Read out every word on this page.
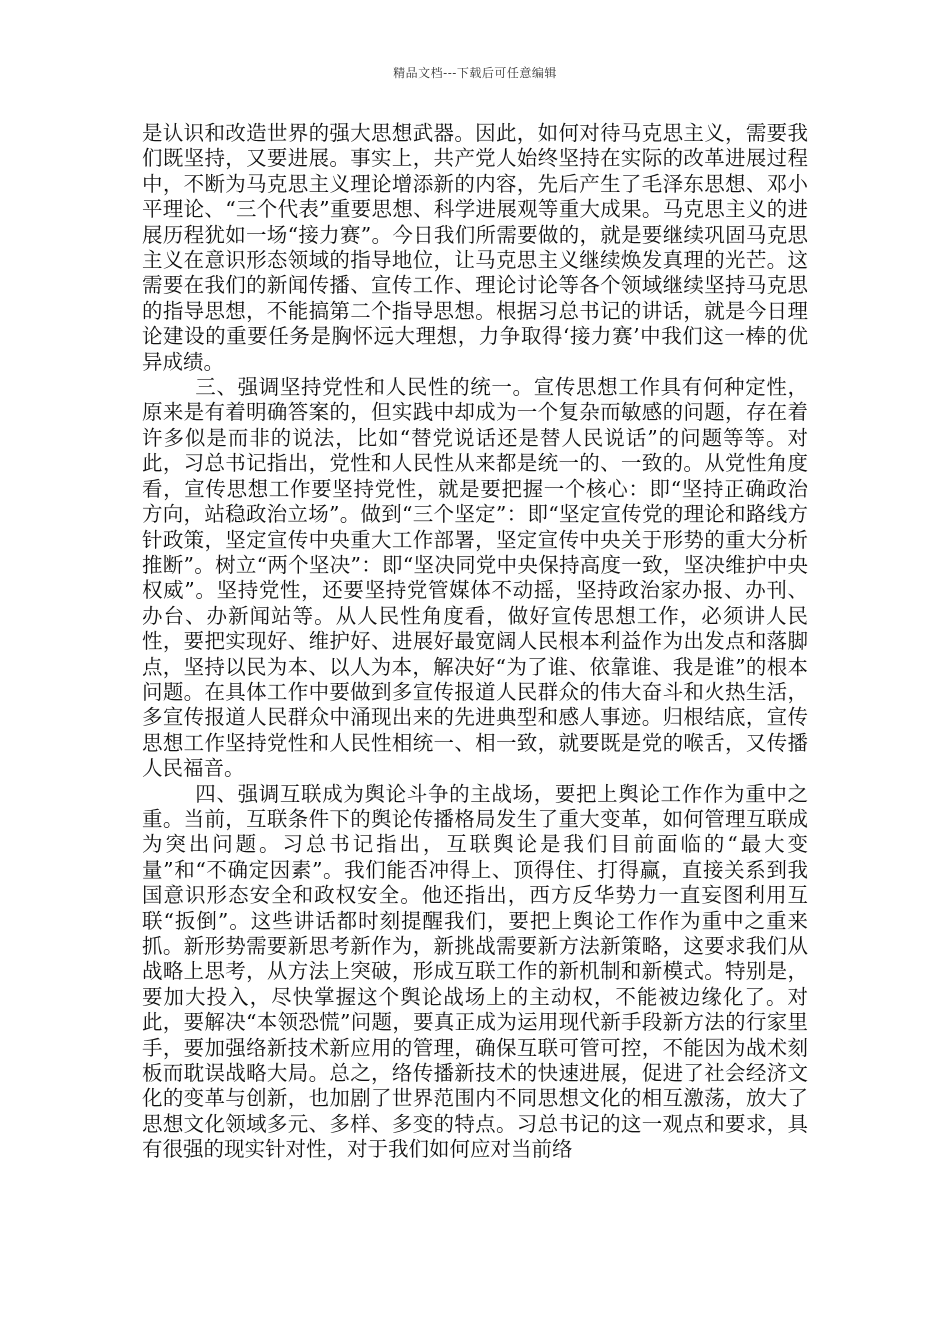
精品文档---下载后可任意编辑

是认识和改造世界的强大思想武器。因此，如何对待马克思主义，需要我们既坚持，又要进展。事实上，共产党人始终坚持在实际的改革进展过程中，不断为马克思主义理论增添新的内容，先后产生了毛泽东思想、邓小平理论、“三个代表”重要思想、科学进展观等重大成果。马克思主义的进展历程犹如一场“接力赛”。今日我们所需要做的，就是要继续巩固马克思主义在意识形态领域的指导地位，让马克思主义继续焕发真理的光芒。这需要在我们的新闻传播、宣传工作、理论讨论等各个领域继续坚持马克思的指导思想，不能搞第二个指导思想。根据习总书记的讲话，就是今日理论建设的重要任务是胸怀远大理想，力争取得‘接力赛’中我们这一棒的优异成绩。

三、强调坚持党性和人民性的统一。宣传思想工作具有何种定性，原来是有着明确答案的，但实践中却成为一个复杂而敏感的问题，存在着许多似是而非的说法，比如“替党说话还是替人民说话”的问题等等。对此，习总书记指出，党性和人民性从来都是统一的、一致的。从党性角度看，宣传思想工作要坚持党性，就是要把握一个核心：即“坚持正确政治方向，站稳政治立场”。做到“三个坚定”：即“坚定宣传党的理论和路线方针政策，坚定宣传中央重大工作部署，坚定宣传中央关于形势的重大分析推断”。树立“两个坚决”：即“坚决同党中央保持高度一致，坚决维护中央权威”。坚持党性，还要坚持党管媒体不动摇，坚持政治家办报、办刊、办台、办新闻站等。从人民性角度看，做好宣传思想工作，必须讲人民性，要把实现好、维护好、进展好最宽阔人民根本利益作为出发点和落脚点，坚持以民为本、以人为本，解决好“为了谁、依靠谁、我是谁”的根本问题。在具体工作中要做到多宣传报道人民群众的伟大奋斗和火热生活，多宣传报道人民群众中涌现出来的先进典型和感人事迹。归根结底，宣传思想工作坚持党性和人民性相统一、相一致，就要既是党的喉舌，又传播人民福音。

四、强调互联成为舆论斗争的主战场，要把上舆论工作作为重中之重。当前，互联条件下的舆论传播格局发生了重大变革，如何管理互联成为突出问题。习总书记指出，互联舆论是我们目前面临的“最大变量”和“不确定因素”。我们能否冲得上、顶得住、打得赢，直接关系到我国意识形态安全和政权安全。他还指出，西方反华势力一直妄图利用互联“扳倒”。这些讲话都时刻提醒我们，要把上舆论工作作为重中之重来抓。新形势需要新思考新作为，新挑战需要新方法新策略，这要求我们从战略上思考，从方法上突破，形成互联工作的新机制和新模式。特别是，要加大投入，尽快掌握这个舆论战场上的主动权，不能被边缘化了。对此，要解决“本领恐慌”问题，要真正成为运用现代新手段新方法的行家里手，要加强络新技术新应用的管理，确保互联可管可控，不能因为战术刻板而耽误战略大局。总之，络传播新技术的快速进展，促进了社会经济文化的变革与创新，也加剧了世界范围内不同思想文化的相互激荡，放大了思想文化领域多元、多样、多变的特点。习总书记的这一观点和要求，具有很强的现实针对性，对于我们如何应对当前络
